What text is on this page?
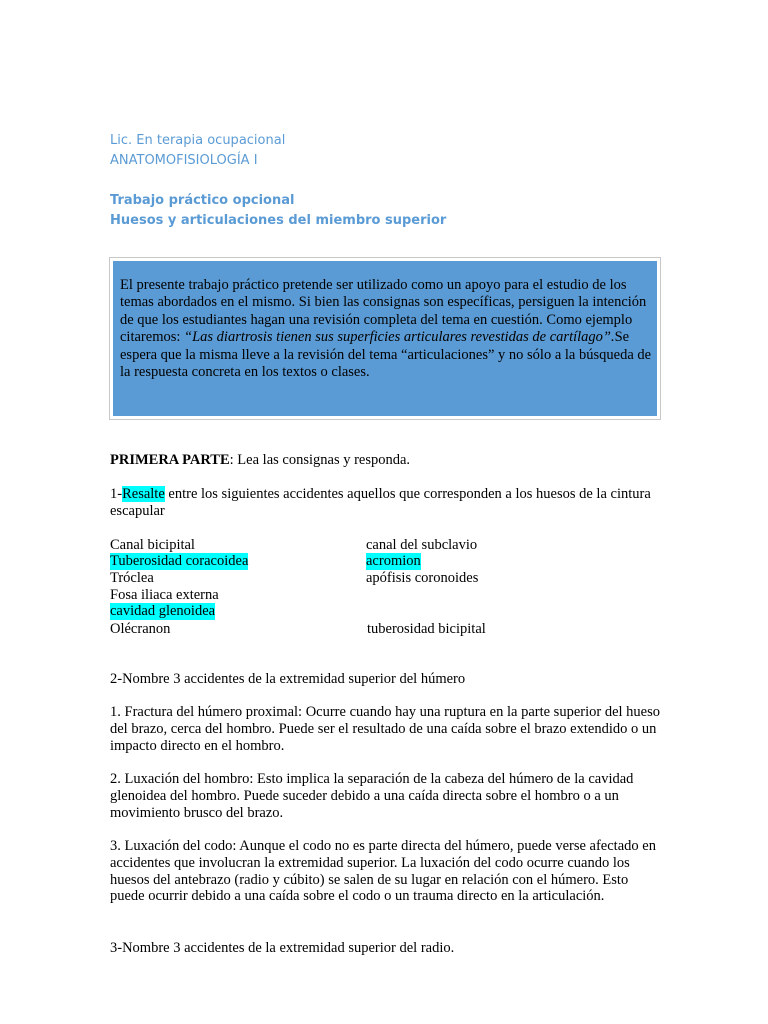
Lic. En terapia ocupacional
ANATOMOFISIOLOGÍA I
Trabajo práctico opcional
Huesos y articulaciones del miembro superior

El presente trabajo práctico pretende ser utilizado como un apoyo para el estudio de los temas abordados en el mismo. Si bien las consignas son específicas, persiguen la intención de que los estudiantes hagan una revisión completa del tema en cuestión. Como ejemplo citaremos: “Las diartrosis tienen sus superficies articulares revestidas de cartílago”.Se espera que la misma lleve a la revisión del tema “articulaciones” y no sólo a la búsqueda de la respuesta concreta en los textos o clases.

PRIMERA PARTE: Lea las consignas y responda.

1-Resalte entre los siguientes accidentes aquellos que corresponden a los huesos de la cintura escapular

Canal bicipital
Tuberosidad coracoidea
Tróclea
Fosa iliaca externa
cavidad glenoidea
Olécranon
canal del subclavio
acromion
apófisis coronoides
tuberosidad bicipital
2-Nombre 3 accidentes de la extremidad superior del húmero

1. Fractura del húmero proximal: Ocurre cuando hay una ruptura en la parte superior del hueso del brazo, cerca del hombro. Puede ser el resultado de una caída sobre el brazo extendido o un impacto directo en el hombro.

2. Luxación del hombro: Esto implica la separación de la cabeza del húmero de la cavidad glenoidea del hombro. Puede suceder debido a una caída directa sobre el hombro o a un movimiento brusco del brazo.

3. Luxación del codo: Aunque el codo no es parte directa del húmero, puede verse afectado en accidentes que involucran la extremidad superior. La luxación del codo ocurre cuando los huesos del antebrazo (radio y cúbito) se salen de su lugar en relación con el húmero. Esto puede ocurrir debido a una caída sobre el codo o un trauma directo en la articulación.

3-Nombre 3 accidentes de la extremidad superior del radio.
